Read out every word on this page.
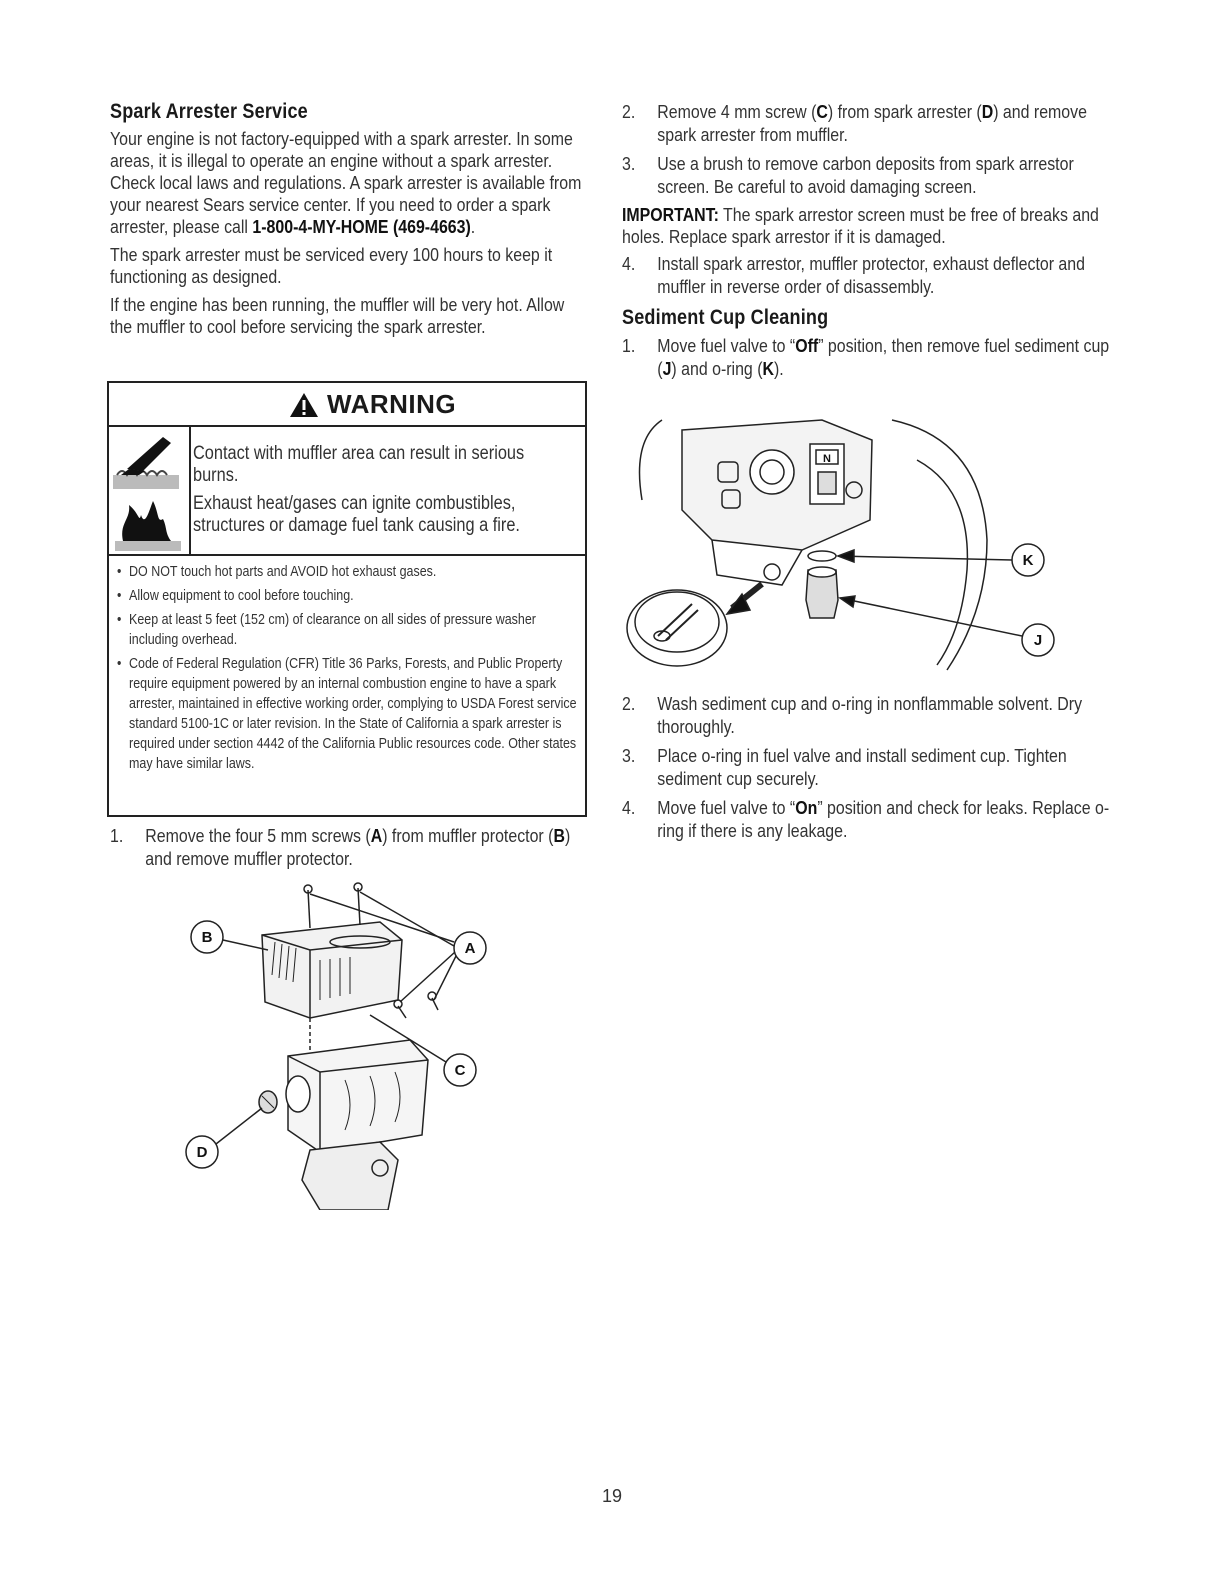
Spark Arrester Service

Your engine is not factory-equipped with a spark arrester. In some areas, it is illegal to operate an engine without a spark arrester. Check local laws and regulations. A spark arrester is available from your nearest Sears service center. If you need to order a spark arrester, please call 1-800-4-MY-HOME (469-4663).

The spark arrester must be serviced every 100 hours to keep it functioning as designed.

If the engine has been running, the muffler will be very hot. Allow the muffler to cool before servicing the spark arrester.

WARNING

Contact with muffler area can result in serious burns.

Exhaust heat/gases can ignite combustibles, structures or damage fuel tank causing a fire.

• DO NOT touch hot parts and AVOID hot exhaust gases.
• Allow equipment to cool before touching.
• Keep at least 5 feet (152 cm) of clearance on all sides of pressure washer including overhead.
• Code of Federal Regulation (CFR) Title 36 Parks, Forests, and Public Property require equipment powered by an internal combustion engine to have a spark arrester, maintained in effective working order, complying to USDA Forest service standard 5100-1C or later revision. In the State of California a spark arrester is required under section 4442 of the California Public resources code. Other states may have similar laws.
1. Remove the four 5 mm screws (A) from muffler protector (B) and remove muffler protector.
B
A
C
D
2. Remove 4 mm screw (C) from spark arrester (D) and remove spark arrester from muffler.
3. Use a brush to remove carbon deposits from spark arrestor screen. Be careful to avoid damaging screen.

IMPORTANT: The spark arrestor screen must be free of breaks and holes. Replace spark arrestor if it is damaged.

4. Install spark arrestor, muffler protector, exhaust deflector and muffler in reverse order of disassembly.
Sediment Cup Cleaning
1. Move fuel valve to “Off” position, then remove fuel sediment cup (J) and o-ring (K).
N
K
J
2. Wash sediment cup and o-ring in nonflammable solvent. Dry thoroughly.
3. Place o-ring in fuel valve and install sediment cup. Tighten sediment cup securely.
4. Move fuel valve to “On” position and check for leaks. Replace o-ring if there is any leakage.
19
